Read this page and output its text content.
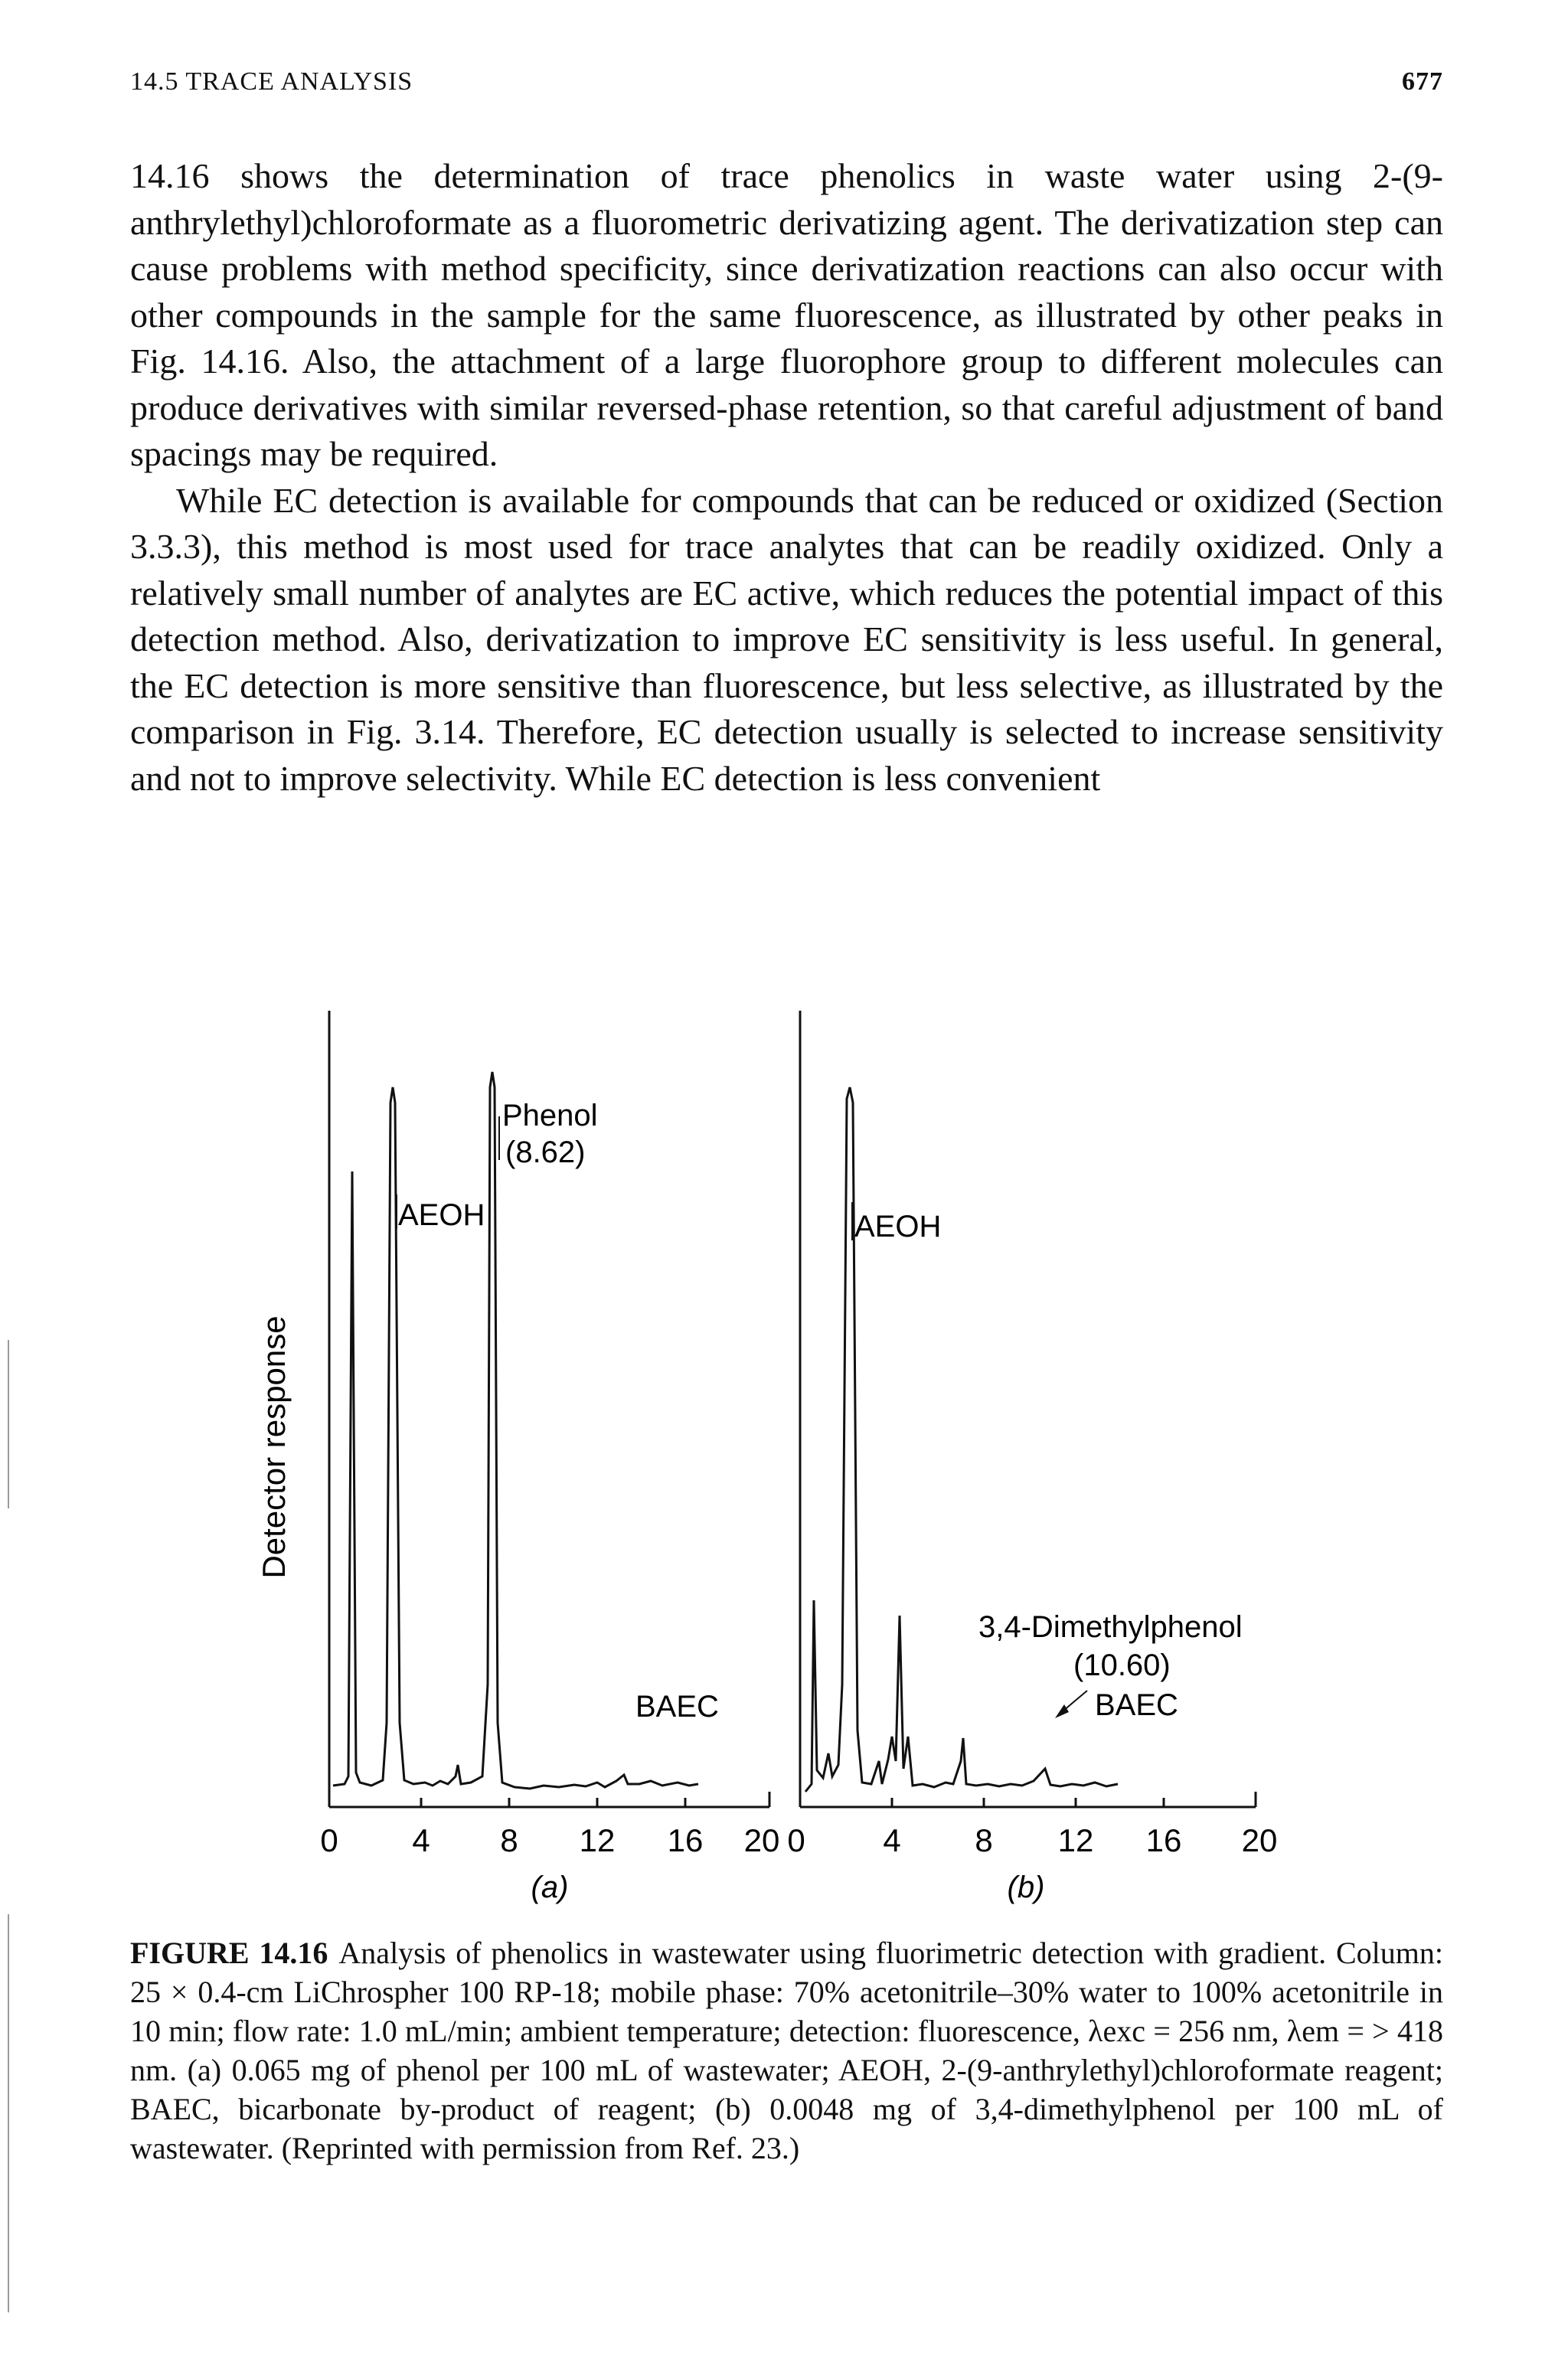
14.5 TRACE ANALYSIS	677

14.16 shows the determination of trace phenolics in waste water using 2-(9-anthrylethyl)chloroformate as a fluorometric derivatizing agent. The derivatization step can cause problems with method specificity, since derivatization reactions can also occur with other compounds in the sample for the same fluorescence, as illustrated by other peaks in Fig. 14.16. Also, the attachment of a large fluorophore group to different molecules can produce derivatives with similar reversed-phase retention, so that careful adjustment of band spacings may be required.

While EC detection is available for compounds that can be reduced or oxidized (Section 3.3.3), this method is most used for trace analytes that can be readily oxidized. Only a relatively small number of analytes are EC active, which reduces the potential impact of this detection method. Also, derivatization to improve EC sensitivity is less useful. In general, the EC detection is more sensitive than fluorescence, but less selective, as illustrated by the comparison in Fig. 3.14. Therefore, EC detection usually is selected to increase sensitivity and not to improve selectivity. While EC detection is less convenient

Detector response
AEOH
Phenol
(8.62)
BAEC
0 4 8 12 16 20
(a)
AEOH
3,4-Dimethylphenol
(10.60)
BAEC
0 4 8 12 16 20
(b)
FIGURE 14.16 Analysis of phenolics in wastewater using fluorimetric detection with gradient. Column: 25 × 0.4-cm LiChrospher 100 RP-18; mobile phase: 70% acetonitrile–30% water to 100% acetonitrile in 10 min; flow rate: 1.0 mL/min; ambient temperature; detection: fluorescence, λexc = 256 nm, λem = > 418 nm. (a) 0.065 mg of phenol per 100 mL of wastewater; AEOH, 2-(9-anthrylethyl)chloroformate reagent; BAEC, bicarbonate by-product of reagent; (b) 0.0048 mg of 3,4-dimethylphenol per 100 mL of wastewater. (Reprinted with permission from Ref. 23.)
